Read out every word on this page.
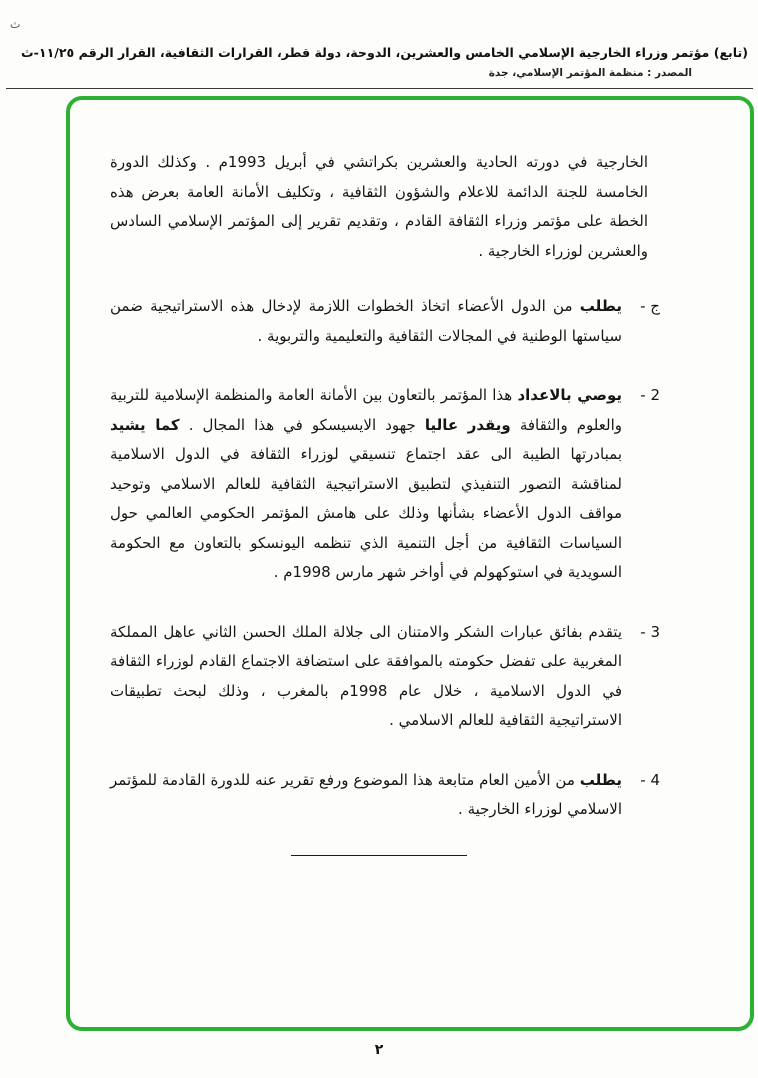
ث
(تابع) مؤتمر وزراء الخارجية الإسلامي الخامس والعشرين، الدوحة، دولة قطر، القرارات الثقافية، القرار الرقم ١١/٢٥-ث
المصدر : منظمة المؤتمر الإسلامي، جدة

الخارجية في دورته الحادية والعشرين بكراتشي في أبريل 1993م . وكذلك الدورة الخامسة للجنة الدائمة للاعلام والشؤون الثقافية ، وتكليف الأمانة العامة بعرض هذه الخطة على مؤتمر وزراء الثقافة القادم ، وتقديم تقرير إلى المؤتمر الإسلامي السادس والعشرين لوزراء الخارجية .

ج -
يطلب من الدول الأعضاء اتخاذ الخطوات اللازمة لإدخال هذه الاستراتيجية ضمن سياستها الوطنية في المجالات الثقافية والتعليمية والتربوية .
2 -
يوصي بالاعداد هذا المؤتمر بالتعاون بين الأمانة العامة والمنظمة الإسلامية للتربية والعلوم والثقافة ويقدر عاليا جهود الايسيسكو في هذا المجال . كما يشيد بمبادرتها الطيبة الى عقد اجتماع تنسيقي لوزراء الثقافة في الدول الاسلامية لمناقشة التصور التنفيذي لتطبيق الاستراتيجية الثقافية للعالم الاسلامي وتوحيد مواقف الدول الأعضاء بشأنها وذلك على هامش المؤتمر الحكومي العالمي حول السياسات الثقافية من أجل التنمية الذي تنظمه اليونسكو بالتعاون مع الحكومة السويدية في استوكهولم في أواخر شهر مارس 1998م .
3 -
يتقدم بفائق عبارات الشكر والامتنان الى جلالة الملك الحسن الثاني عاهل المملكة المغربية على تفضل حكومته بالموافقة على استضافة الاجتماع القادم لوزراء الثقافة في الدول الاسلامية ، خلال عام 1998م بالمغرب ، وذلك لبحث تطبيقات الاستراتيجية الثقافية للعالم الاسلامي .
4 -
يطلب من الأمين العام متابعة هذا الموضوع ورفع تقرير عنه للدورة القادمة للمؤتمر الاسلامي لوزراء الخارجية .
٢
